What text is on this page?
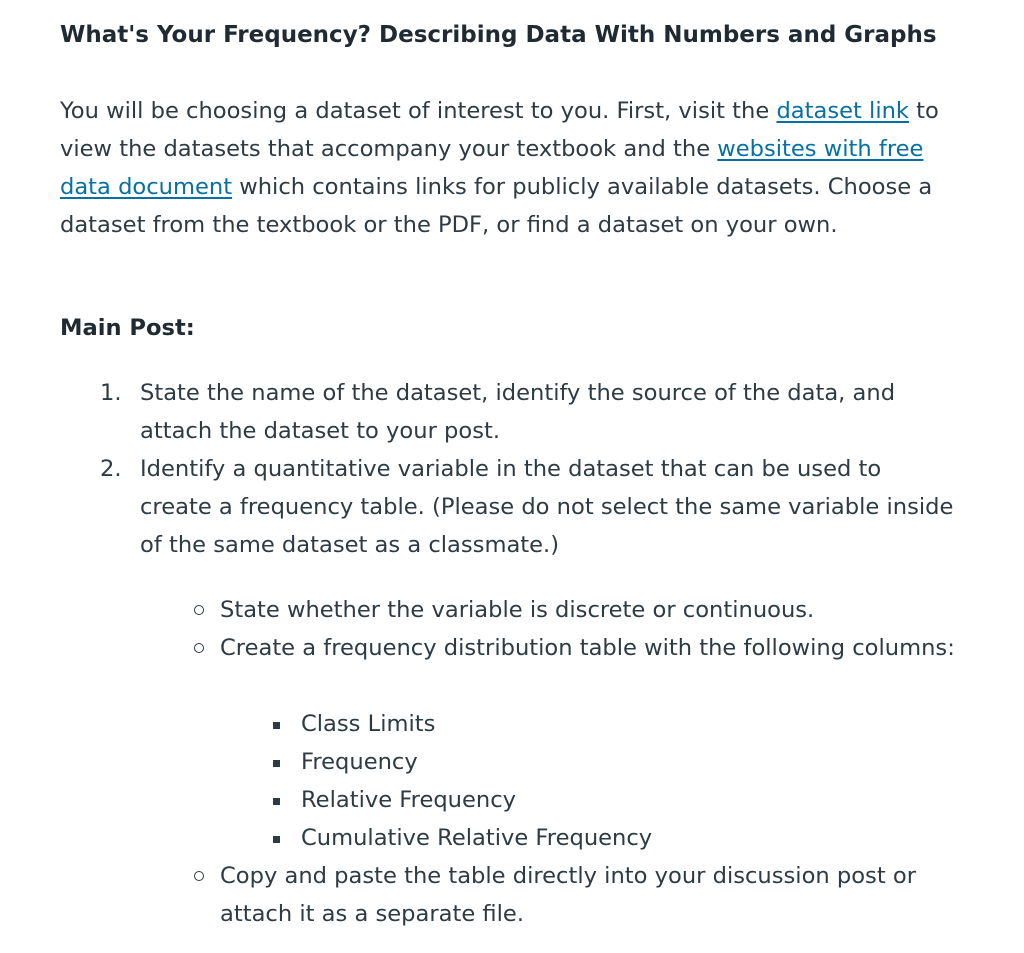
What's Your Frequency? Describing Data With Numbers and Graphs

You will be choosing a dataset of interest to you. First, visit the dataset link to view the datasets that accompany your textbook and the websites with free data document which contains links for publicly available datasets. Choose a dataset from the textbook or the PDF, or find a dataset on your own.

Main Post:
1. State the name of the dataset, identify the source of the data, and attach the dataset to your post.
2. Identify a quantitative variable in the dataset that can be used to create a frequency table. (Please do not select the same variable inside of the same dataset as a classmate.)
State whether the variable is discrete or continuous.
Create a frequency distribution table with the following columns:
Class Limits
Frequency
Relative Frequency
Cumulative Relative Frequency
Copy and paste the table directly into your discussion post or attach it as a separate file.
